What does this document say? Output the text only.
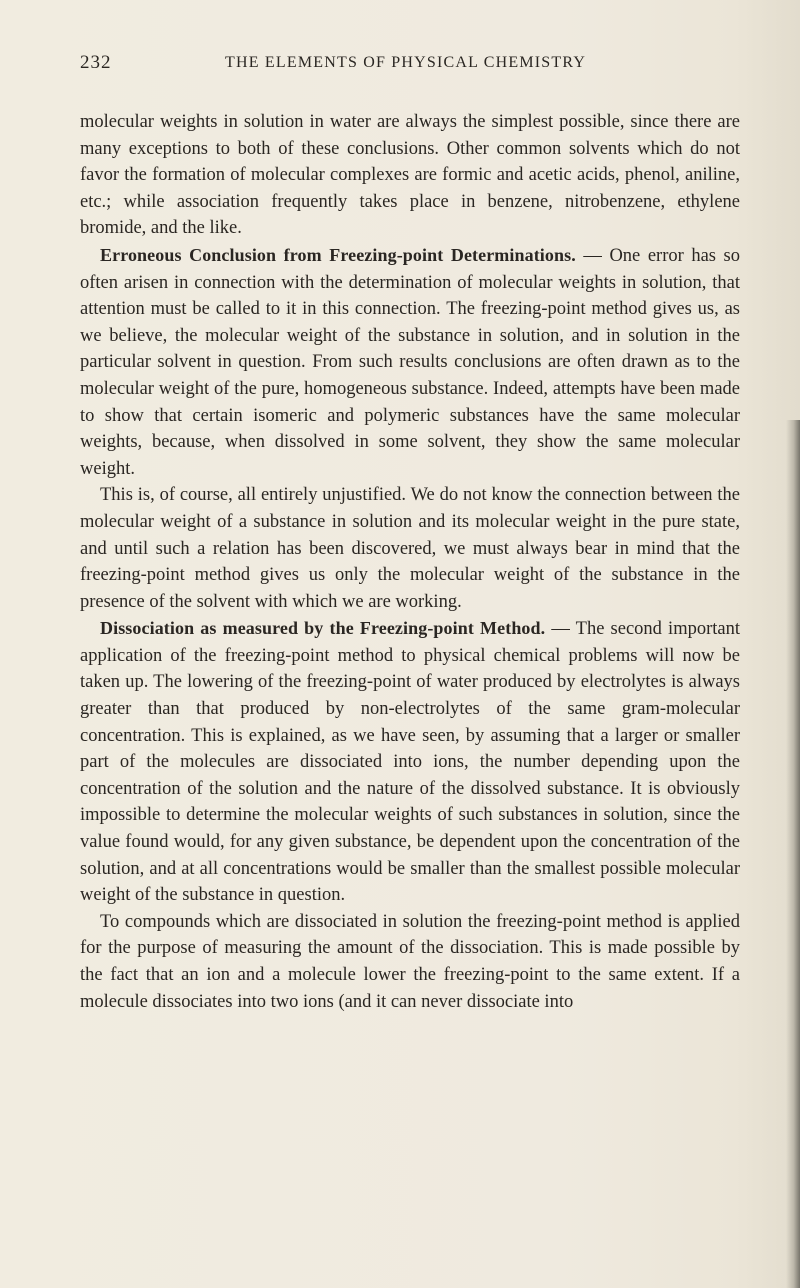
232	THE ELEMENTS OF PHYSICAL CHEMISTRY

molecular weights in solution in water are always the simplest possible, since there are many exceptions to both of these conclusions. Other common solvents which do not favor the formation of molecular complexes are formic and acetic acids, phenol, aniline, etc.; while association frequently takes place in benzene, nitrobenzene, ethylene bromide, and the like.

Erroneous Conclusion from Freezing-point Determinations. — One error has so often arisen in connection with the determination of molecular weights in solution, that attention must be called to it in this connection. The freezing-point method gives us, as we believe, the molecular weight of the substance in solution, and in solution in the particular solvent in question. From such results conclusions are often drawn as to the molecular weight of the pure, homogeneous substance. Indeed, attempts have been made to show that certain isomeric and polymeric substances have the same molecular weights, because, when dissolved in some solvent, they show the same molecular weight.

This is, of course, all entirely unjustified. We do not know the connection between the molecular weight of a substance in solution and its molecular weight in the pure state, and until such a relation has been discovered, we must always bear in mind that the freezing-point method gives us only the molecular weight of the substance in the presence of the solvent with which we are working.

Dissociation as measured by the Freezing-point Method. — The second important application of the freezing-point method to physical chemical problems will now be taken up. The lowering of the freezing-point of water produced by electrolytes is always greater than that produced by non-electrolytes of the same gram-molecular concentration. This is explained, as we have seen, by assuming that a larger or smaller part of the molecules are dissociated into ions, the number depending upon the concentration of the solution and the nature of the dissolved substance. It is obviously impossible to determine the molecular weights of such substances in solution, since the value found would, for any given substance, be dependent upon the concentration of the solution, and at all concentrations would be smaller than the smallest possible molecular weight of the substance in question.

To compounds which are dissociated in solution the freezing-point method is applied for the purpose of measuring the amount of the dissociation. This is made possible by the fact that an ion and a molecule lower the freezing-point to the same extent. If a molecule dissociates into two ions (and it can never dissociate into
